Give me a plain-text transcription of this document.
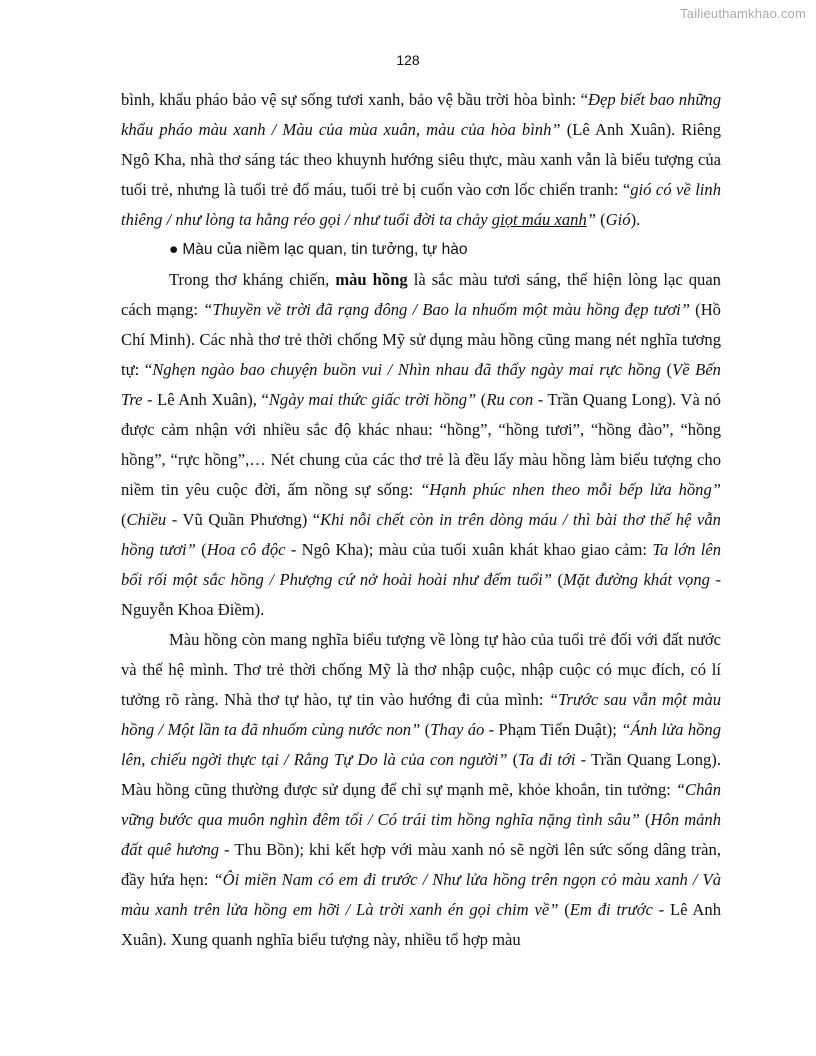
Tailieuthamkhao.com
128

bình, khẩu pháo bảo vệ sự sống tươi xanh, bảo vệ bầu trời hòa bình: “Đẹp biết bao những khẩu pháo màu xanh / Màu của mùa xuân, màu của hòa bình” (Lê Anh Xuân). Riêng Ngô Kha, nhà thơ sáng tác theo khuynh hướng siêu thực, màu xanh vẫn là biểu tượng của tuổi trẻ, nhưng là tuổi trẻ đổ máu, tuổi trẻ bị cuốn vào cơn lốc chiến tranh: “gió có về linh thiêng / như lòng ta hằng réo gọi / như tuổi đời ta chảy giọt máu xanh” (Gió).

● Màu của niềm lạc quan, tin tưởng, tự hào

Trong thơ kháng chiến, màu hồng là sắc màu tươi sáng, thể hiện lòng lạc quan cách mạng: “Thuyền về trời đã rạng đông / Bao la nhuốm một màu hồng đẹp tươi” (Hồ Chí Minh). Các nhà thơ trẻ thời chống Mỹ sử dụng màu hồng cũng mang nét nghĩa tương tự: “Nghẹn ngào bao chuyện buồn vui / Nhìn nhau đã thấy ngày mai rực hồng (Về Bến Tre - Lê Anh Xuân), “Ngày mai thức giấc trời hồng” (Ru con - Trần Quang Long). Và nó được cảm nhận với nhiều sắc độ khác nhau: “hồng”, “hồng tươi”, “hồng đào”, “hồng hồng”, “rực hồng”,… Nét chung của các thơ trẻ là đều lấy màu hồng làm biểu tượng cho niềm tin yêu cuộc đời, ấm nồng sự sống: “Hạnh phúc nhen theo mỗi bếp lửa hồng” (Chiều - Vũ Quần Phương) “Khi nỗi chết còn in trên dòng máu / thì bài thơ thế hệ vẫn hồng tươi” (Hoa cô độc - Ngô Kha); màu của tuổi xuân khát khao giao cảm: Ta lớn lên bối rối một sắc hồng / Phượng cứ nở hoài hoài như đếm tuổi” (Mặt đường khát vọng - Nguyễn Khoa Điềm).

Màu hồng còn mang nghĩa biểu tượng về lòng tự hào của tuổi trẻ đối với đất nước và thế hệ mình. Thơ trẻ thời chống Mỹ là thơ nhập cuộc, nhập cuộc có mục đích, có lí tưởng rõ ràng. Nhà thơ tự hào, tự tin vào hướng đi của mình: “Trước sau vẫn một màu hồng / Một lần ta đã nhuốm cùng nước non” (Thay áo - Phạm Tiến Duật); “Ánh lửa hồng lên, chiếu ngời thực tại / Rằng Tự Do là của con người” (Ta đi tới - Trần Quang Long). Màu hồng cũng thường được sử dụng để chỉ sự mạnh mẽ, khỏe khoắn, tin tưởng: “Chân vững bước qua muôn nghìn đêm tối / Có trái tim hồng nghĩa nặng tình sâu” (Hôn mảnh đất quê hương - Thu Bồn); khi kết hợp với màu xanh nó sẽ ngời lên sức sống dâng tràn, đầy hứa hẹn: “Ôi miền Nam có em đi trước / Như lửa hồng trên ngọn cỏ màu xanh / Và màu xanh trên lửa hồng em hỡi / Là trời xanh én gọi chim về” (Em đi trước - Lê Anh Xuân). Xung quanh nghĩa biểu tượng này, nhiều tổ hợp màu
